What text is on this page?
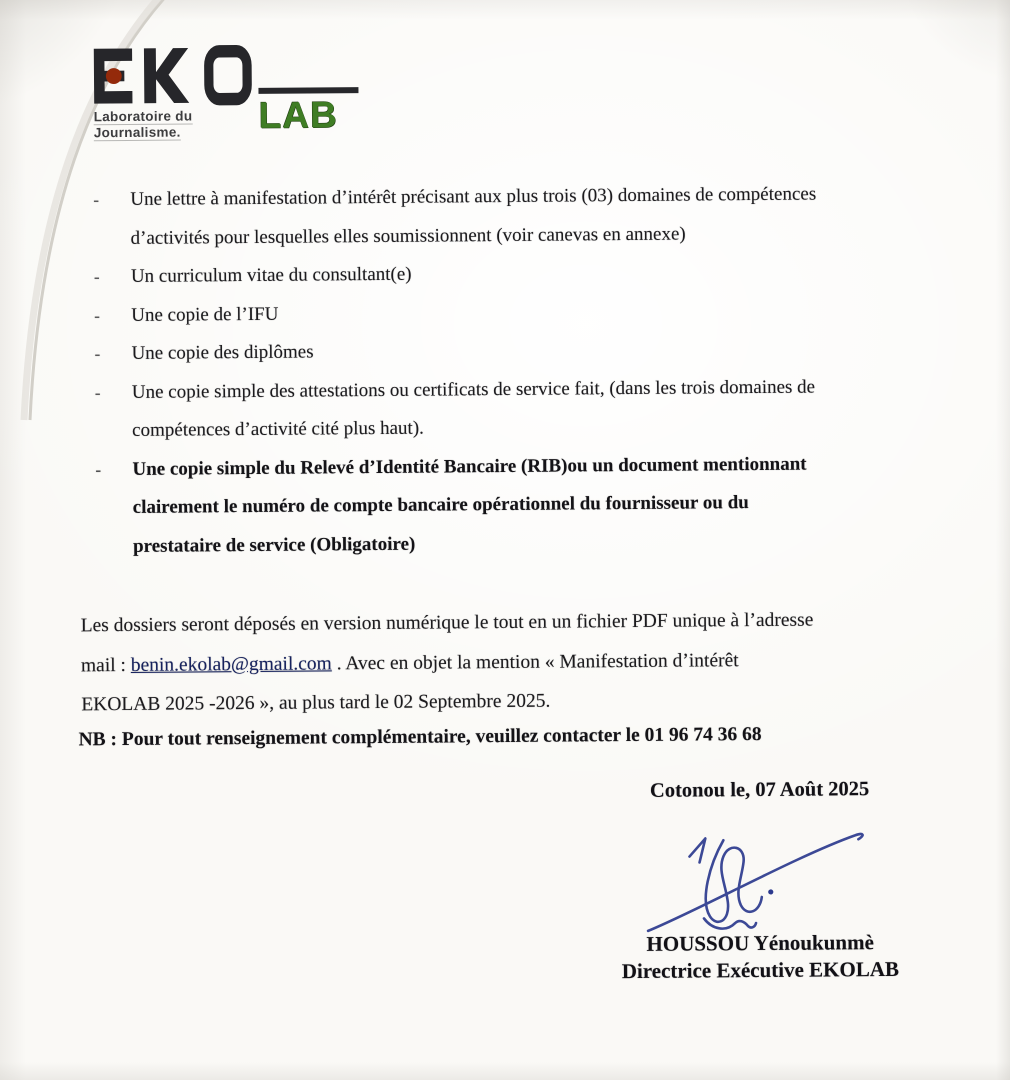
LAB
Laboratoire du
Journalisme.
- Une lettre à manifestation d’intérêt précisant aux plus trois (03) domaines de compétences
d’activités pour lesquelles elles soumissionnent (voir canevas en annexe)
- Un curriculum vitae du consultant(e)
- Une copie de l’IFU
- Une copie des diplômes
- Une copie simple des attestations ou certificats de service fait, (dans les trois domaines de
compétences d’activité cité plus haut).
- Une copie simple du Relevé d’Identité Bancaire (RIB)ou un document mentionnant
clairement le numéro de compte bancaire opérationnel du fournisseur ou du
prestataire de service (Obligatoire)
Les dossiers seront déposés en version numérique le tout en un fichier PDF unique à l’adresse
mail : benin.ekolab@gmail.com . Avec en objet la mention « Manifestation d’intérêt
EKOLAB 2025 -2026 », au plus tard le 02 Septembre 2025.
NB : Pour tout renseignement complémentaire, veuillez contacter le 01 96 74 36 68
Cotonou le, 07 Août 2025
HOUSSOU Yénoukunmè
Directrice Exécutive EKOLAB
